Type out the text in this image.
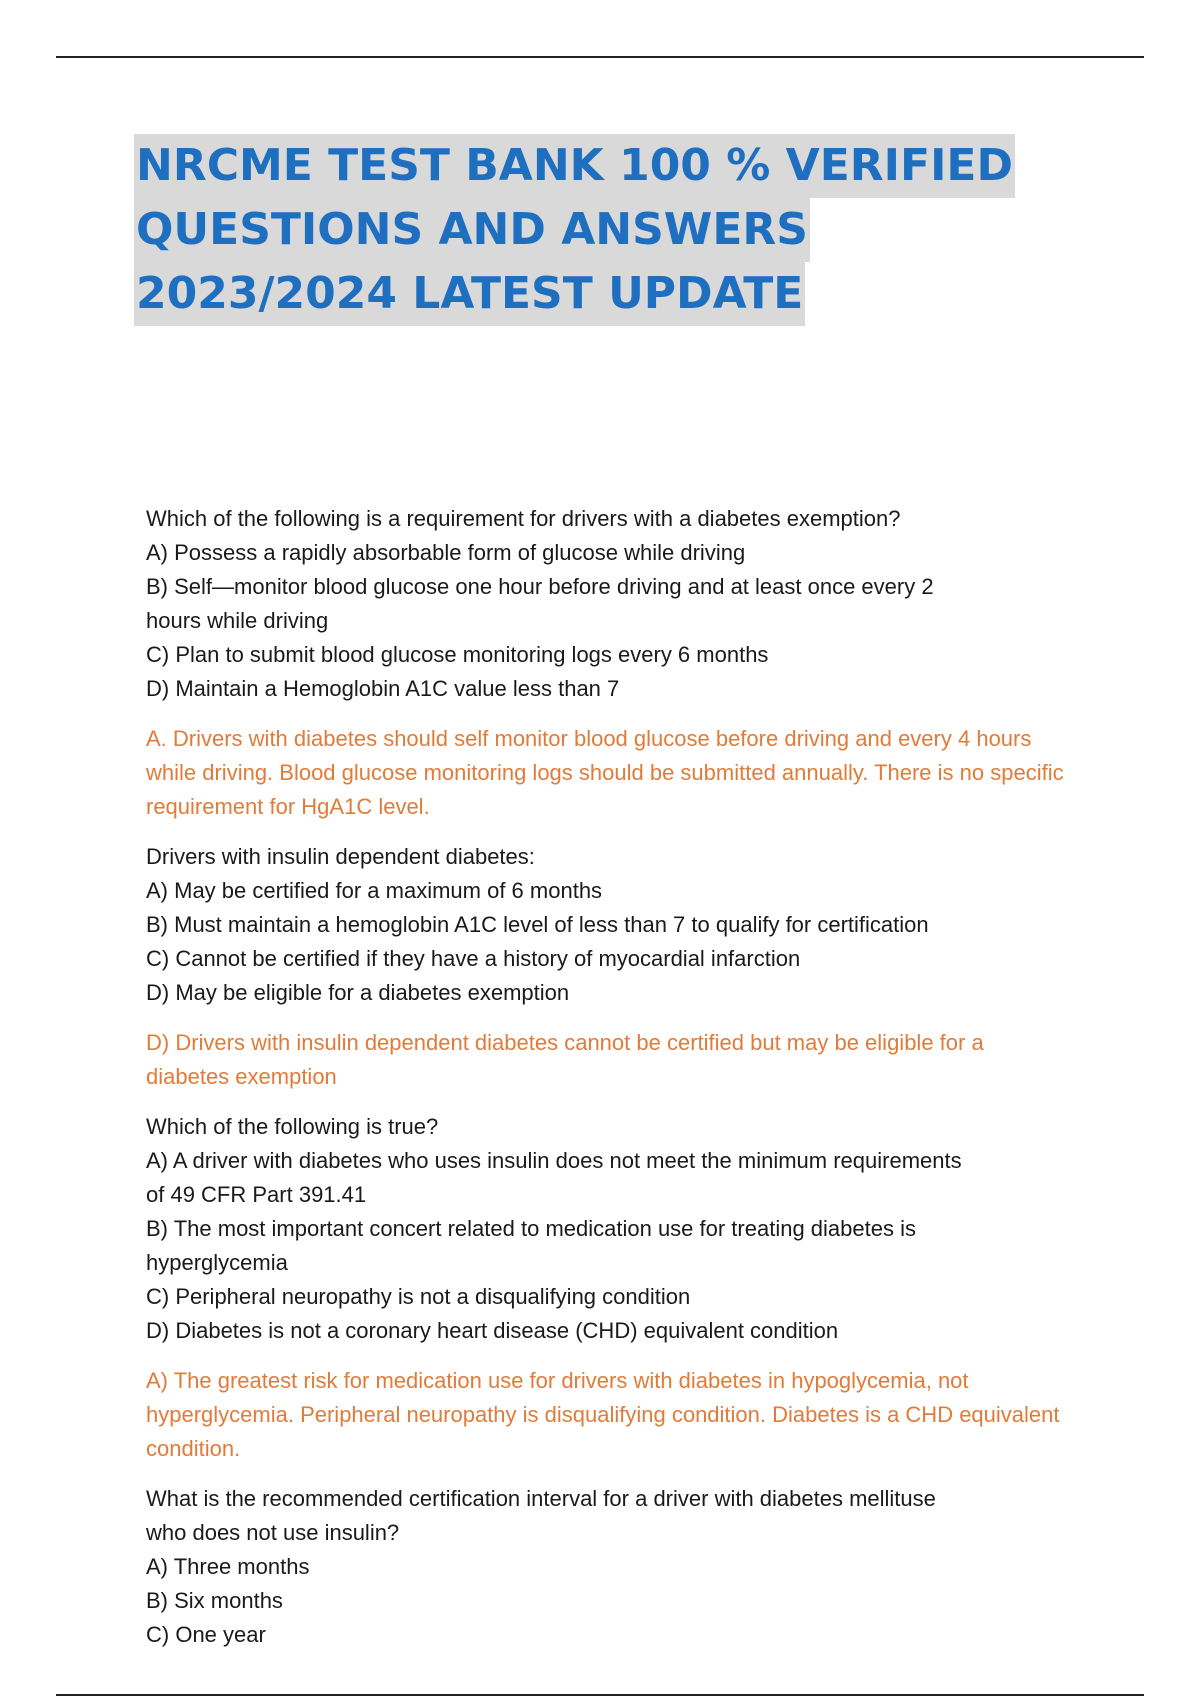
NRCME TEST BANK 100 % VERIFIED
QUESTIONS AND ANSWERS
2023/2024 LATEST UPDATE
Which of the following is a requirement for drivers with a diabetes exemption?
A) Possess a rapidly absorbable form of glucose while driving
B) Self—monitor blood glucose one hour before driving and at least once every 2
hours while driving
C) Plan to submit blood glucose monitoring logs every 6 months
D) Maintain a Hemoglobin A1C value less than 7
A. Drivers with diabetes should self monitor blood glucose before driving and every 4 hours while driving. Blood glucose monitoring logs should be submitted annually. There is no specific requirement for HgA1C level.
Drivers with insulin dependent diabetes:
A) May be certified for a maximum of 6 months
B) Must maintain a hemoglobin A1C level of less than 7 to qualify for certification
C) Cannot be certified if they have a history of myocardial infarction
D) May be eligible for a diabetes exemption
D) Drivers with insulin dependent diabetes cannot be certified but may be eligible for a diabetes exemption
Which of the following is true?
A) A driver with diabetes who uses insulin does not meet the minimum requirements
of 49 CFR Part 391.41
B) The most important concert related to medication use for treating diabetes is
hyperglycemia
C) Peripheral neuropathy is not a disqualifying condition
D) Diabetes is not a coronary heart disease (CHD) equivalent condition
A) The greatest risk for medication use for drivers with diabetes in hypoglycemia, not hyperglycemia. Peripheral neuropathy is disqualifying condition. Diabetes is a CHD equivalent condition.
What is the recommended certification interval for a driver with diabetes mellituse
who does not use insulin?
A) Three months
B) Six months
C) One year
